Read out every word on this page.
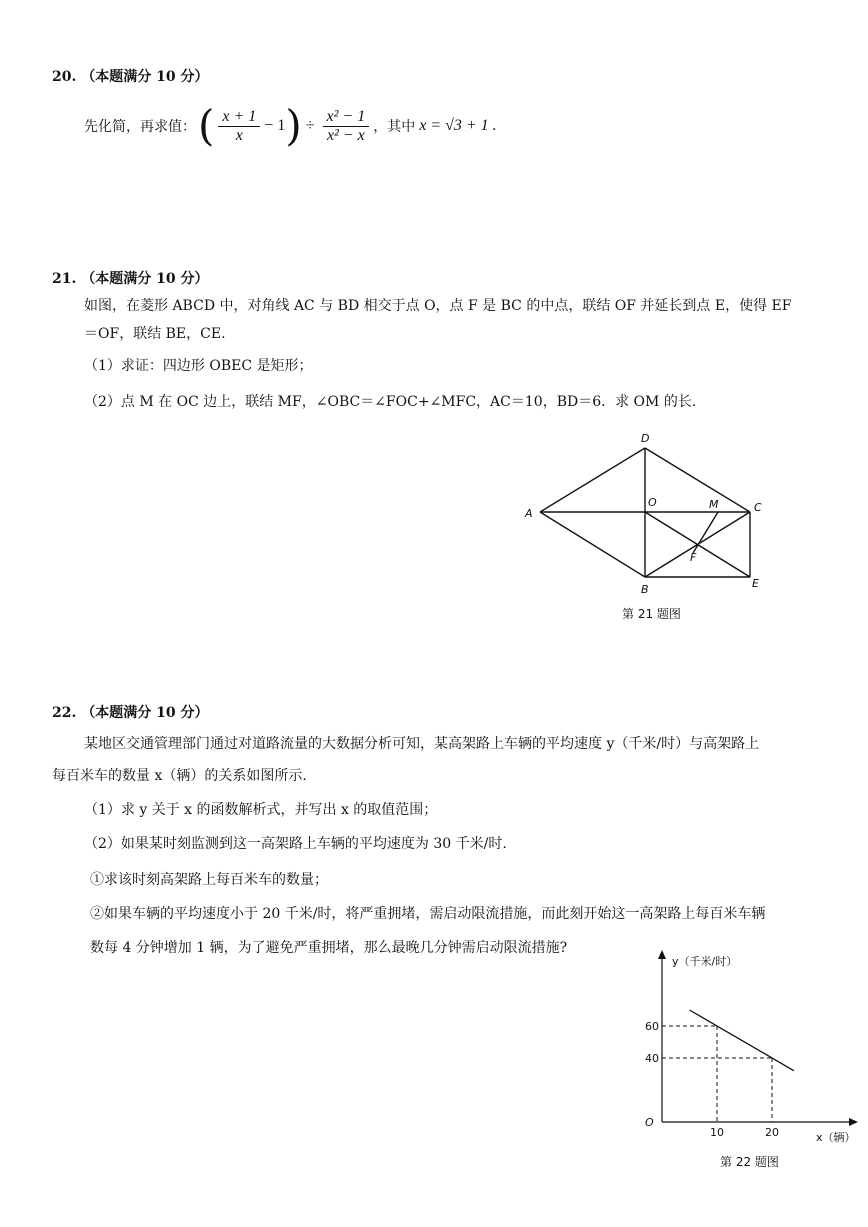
20. （本题满分 10 分）
先化简，再求值： ( $\frac{x + 1}{x} - 1$ ) ÷ $\frac{\text{x² − 1}}{\text{x² − x}}$ ，其中 x = √3 + 1 .
21. （本题满分 10 分）
如图，在菱形 ABCD 中，对角线 AC 与 BD 相交于点 O，点 F 是 BC 的中点，联结 OF 并延长到点 E，使得 EF
＝OF，联结 BE，CE.
（1）求证：四边形 OBEC 是矩形；
（2）点 M 在 OC 边上，联结 MF，∠OBC＝∠FOC+∠MFC，AC＝10，BD＝6．求 OM 的长.
D
A
O	M	C
F
B	E
第 21 题图
22. （本题满分 10 分）
某地区交通管理部门通过对道路流量的大数据分析可知，某高架路上车辆的平均速度 y（千米/时）与高架路上
每百米车的数量 x（辆）的关系如图所示.
（1）求 y 关于 x 的函数解析式，并写出 x 的取值范围；
（2）如果某时刻监测到这一高架路上车辆的平均速度为 30 千米/时.
①求该时刻高架路上每百米车的数量；
②如果车辆的平均速度小于 20 千米/时，将严重拥堵，需启动限流措施，而此刻开始这一高架路上每百米车辆
数每 4 分钟增加 1 辆，为了避免严重拥堵，那么最晚几分钟需启动限流措施?
y（千米/时）
x（辆）
O
10
60
20
40
第 22 题图
